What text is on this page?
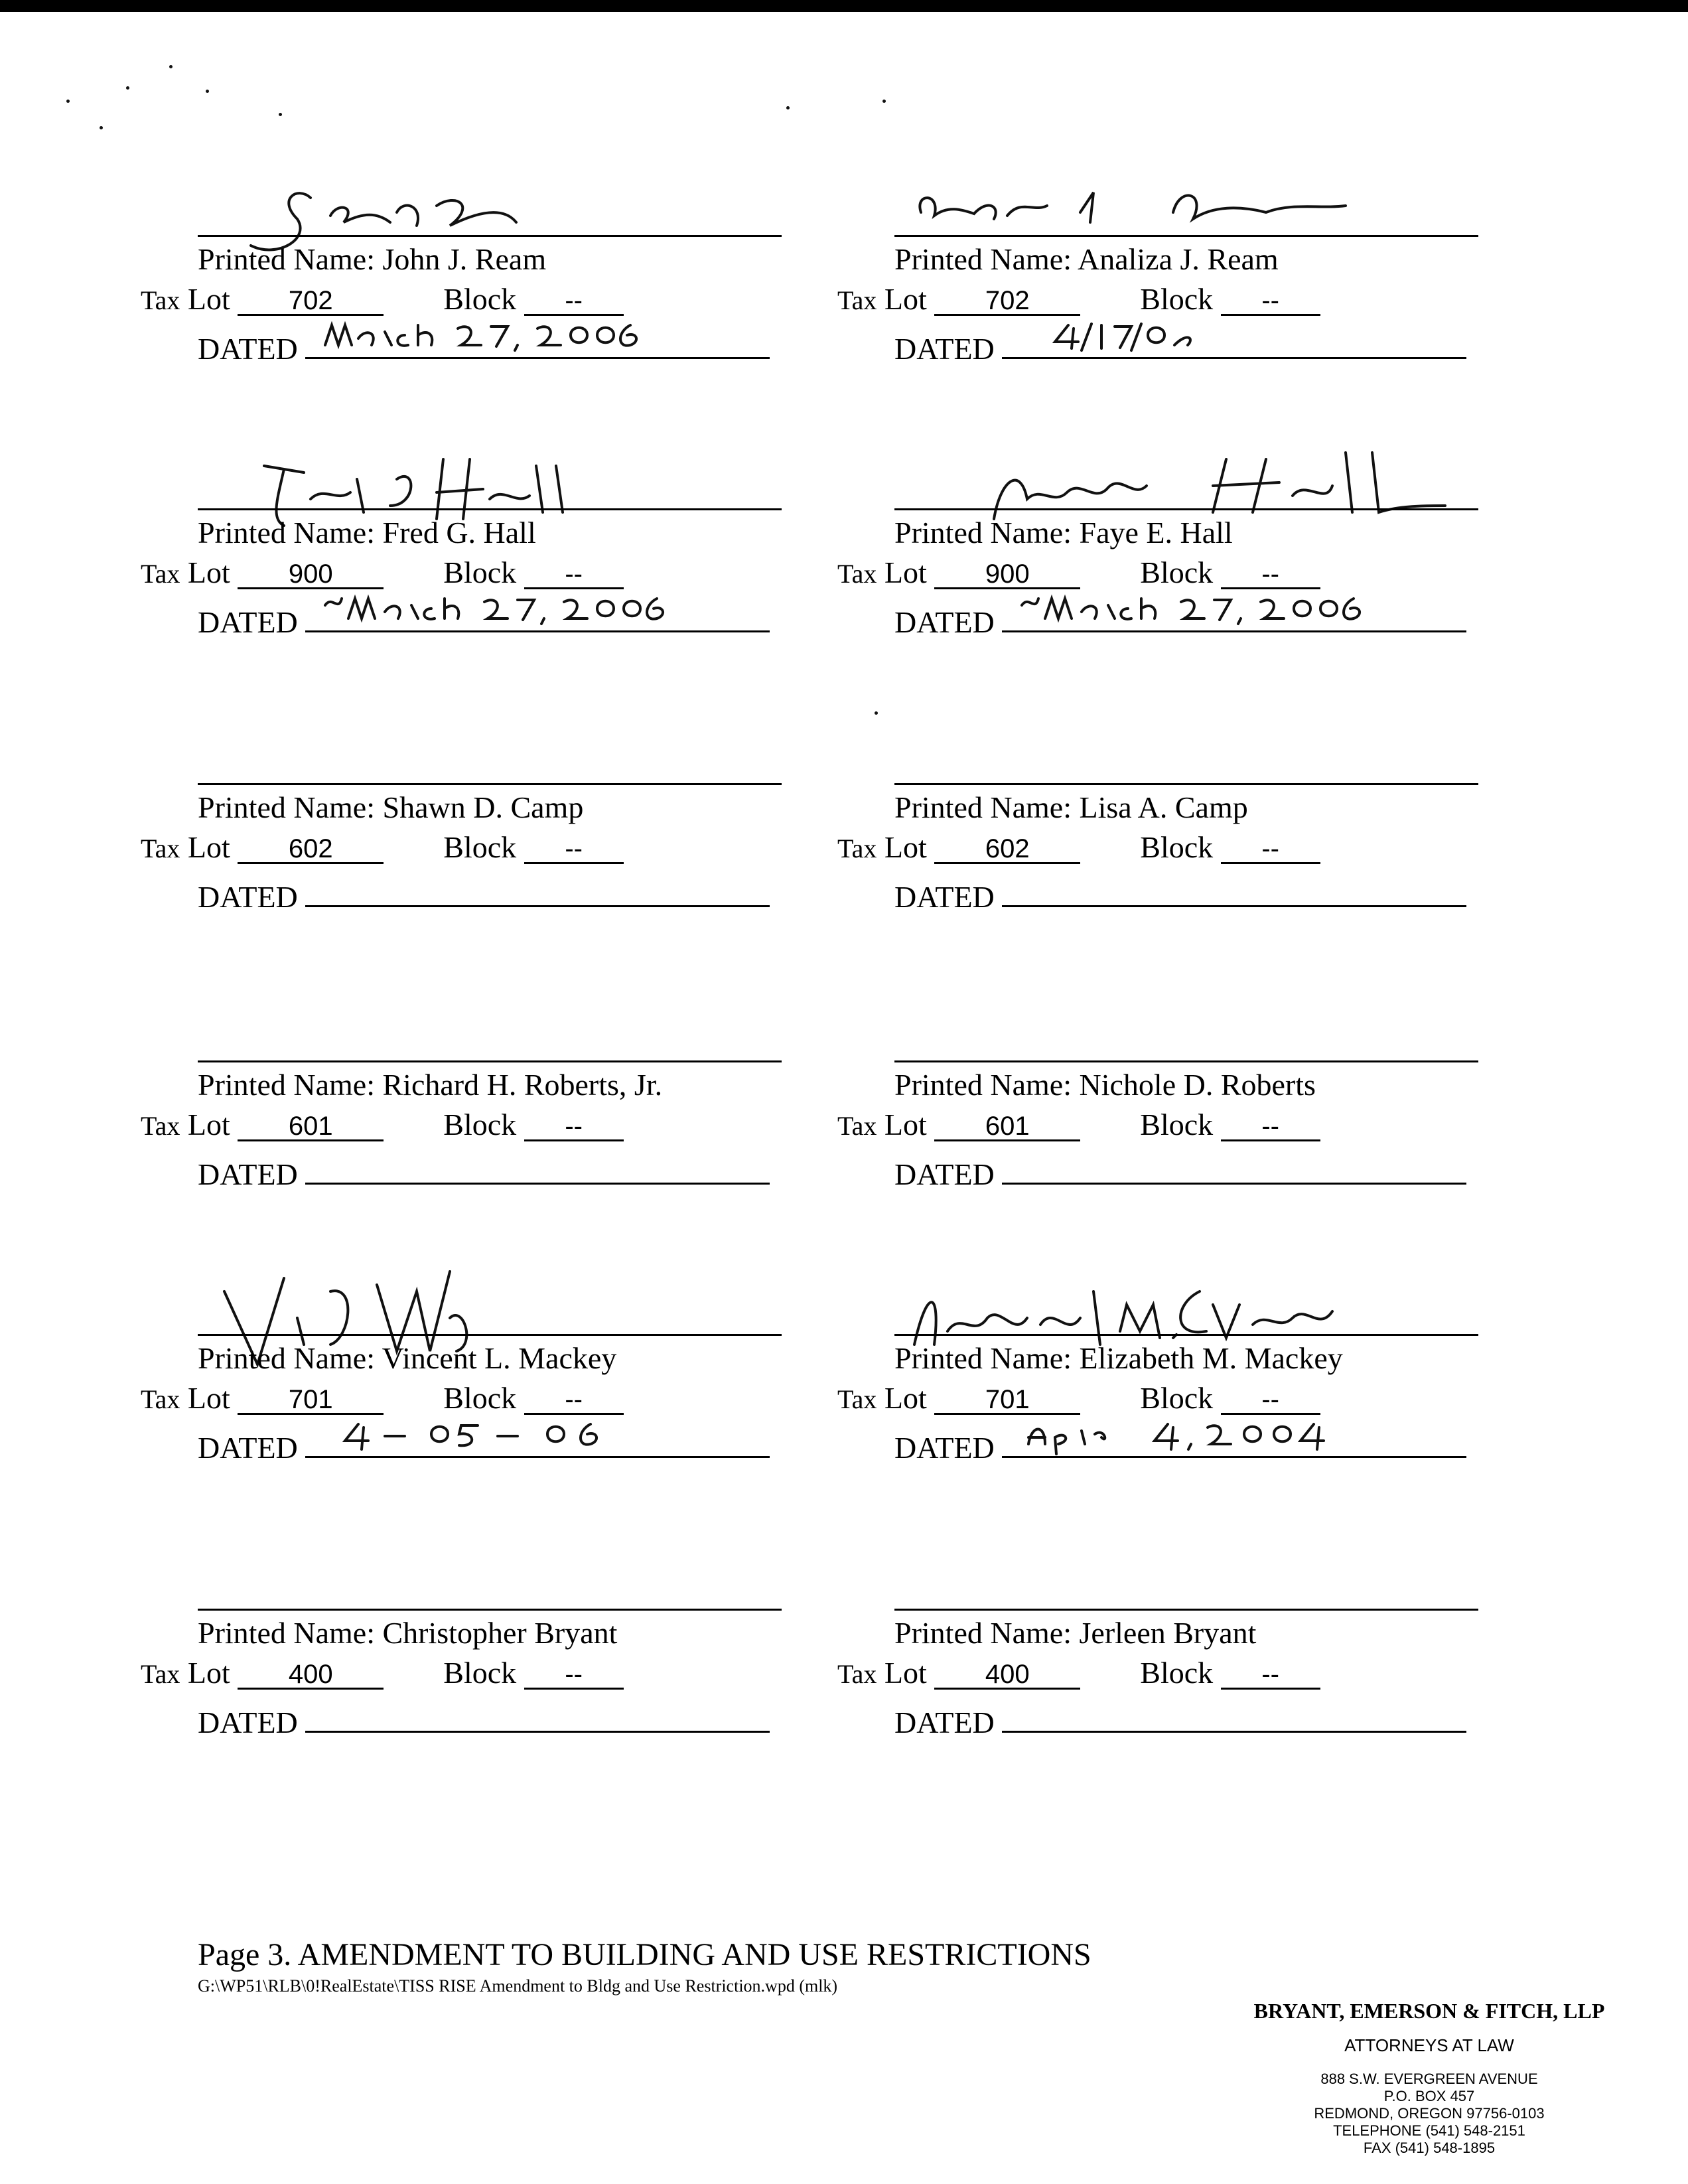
Printed Name: John J. Ream
Tax Lot 702	Block --
DATED
Printed Name: Analiza J. Ream
Tax Lot 702	Block --
DATED
Printed Name: Fred G. Hall
Tax Lot 900	Block --
DATED
Printed Name: Faye E. Hall
Tax Lot 900	Block --
DATED
Printed Name: Shawn D. Camp
Tax Lot 602	Block --
DATED
Printed Name: Lisa A. Camp
Tax Lot 602	Block --
DATED
Printed Name: Richard H. Roberts, Jr.
Tax Lot 601	Block --
DATED
Printed Name: Nichole D. Roberts
Tax Lot 601	Block --
DATED
Printed Name: Vincent L. Mackey
Tax Lot 701	Block --
DATED
Printed Name: Elizabeth M. Mackey
Tax Lot 701	Block --
DATED
Printed Name: Christopher Bryant
Tax Lot 400	Block --
DATED
Printed Name: Jerleen Bryant
Tax Lot 400	Block --
DATED
Page 3. AMENDMENT TO BUILDING AND USE RESTRICTIONS
G:\WP51\RLB\0!RealEstate\TISS RISE Amendment to Bldg and Use Restriction.wpd (mlk)
BRYANT, EMERSON & FITCH, LLP
ATTORNEYS AT LAW
888 S.W. EVERGREEN AVENUE
P.O. BOX 457
REDMOND, OREGON 97756-0103
TELEPHONE (541) 548-2151
FAX (541) 548-1895
